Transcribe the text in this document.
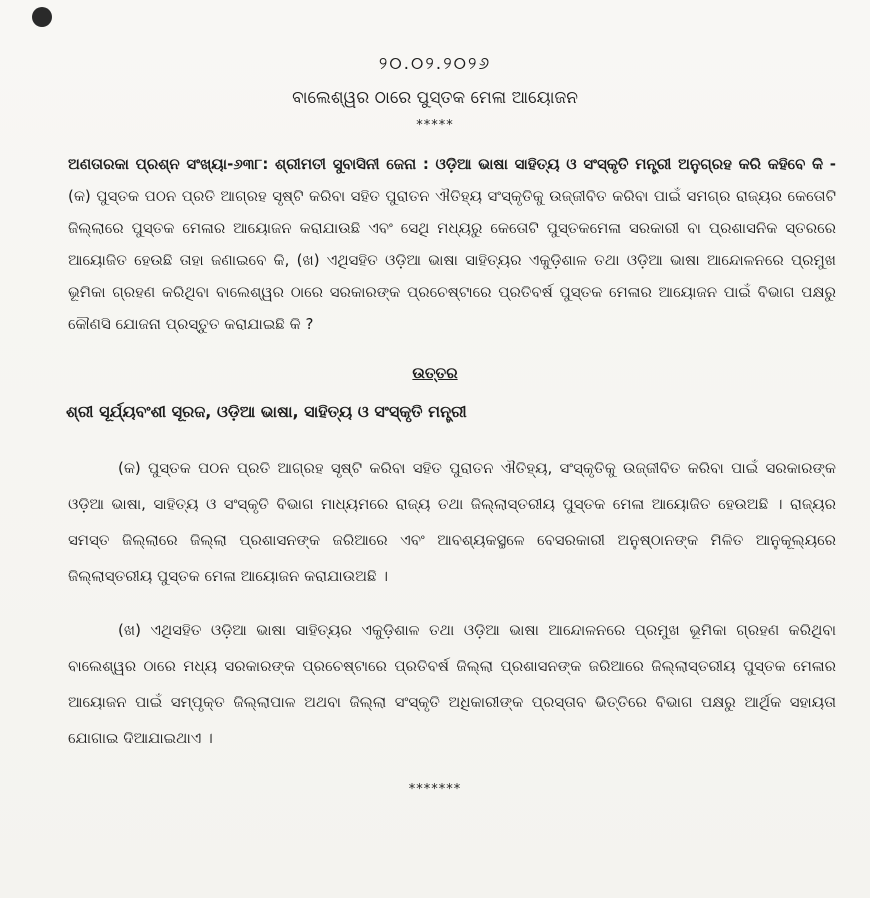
୨୦.୦୨.୨୦୨୬
ବାଲେଶ୍ୱର ଠାରେ ପୁସ୍ତକ ମେଳା ଆୟୋଜନ
*****
ଅଣତାରକା ପ୍ରଶ୍ନ ସଂଖ୍ୟା-୬୩୮: ଶ୍ରୀମତୀ ସୁବାସିନୀ ଜେନା : ଓଡ଼ିଆ ଭାଷା ସାହିତ୍ୟ ଓ ସଂସ୍କୃତି ମନ୍ତ୍ରୀ ଅନୁଗ୍ରହ କରି କହିବେ କି - (କ) ପୁସ୍ତକ ପଠନ ପ୍ରତି ଆଗ୍ରହ ସୃଷ୍ଟି କରିବା ସହିତ ପୁରାତନ ଐତିହ୍ୟ ସଂସ୍କୃତିକୁ ଉଜ୍ଜୀବିତ କରିବା ପାଇଁ ସମଗ୍ର ରାଜ୍ୟର କେତୋଟି ଜିଲ୍ଲାରେ ପୁସ୍ତକ ମେଳାର ଆୟୋଜନ କରାଯାଉଛି ଏବଂ ସେଥି ମଧ୍ୟରୁ କେତୋଟି ପୁସ୍ତକମେଳା ସରକାରୀ ବା ପ୍ରଶାସନିକ ସ୍ତରରେ ଆୟୋଜିତ ହେଉଛି ତାହା ଜଣାଇବେ କି, (ଖ) ଏଥିସହିତ ଓଡ଼ିଆ ଭାଷା ସାହିତ୍ୟର ଏକୁଡ଼ିଶାଳ ତଥା ଓଡ଼ିଆ ଭାଷା ଆନ୍ଦୋଳନରେ ପ୍ରମୁଖ ଭୂମିକା ଗ୍ରହଣ କରିଥିବା ବାଲେଶ୍ୱର ଠାରେ ସରକାରଙ୍କ ପ୍ରଚେଷ୍ଟାରେ ପ୍ରତିବର୍ଷ ପୁସ୍ତକ ମେଳାର ଆୟୋଜନ ପାଇଁ ବିଭାଗ ପକ୍ଷରୁ କୌଣସି ଯୋଜନା ପ୍ରସ୍ତୁତ କରାଯାଇଛି କି ?
ଉତ୍ତର
ଶ୍ରୀ ସୂର୍ଯ୍ୟବଂଶୀ ସୂରଜ, ଓଡ଼ିଆ ଭାଷା, ସାହିତ୍ୟ ଓ ସଂସ୍କୃତି ମନ୍ତ୍ରୀ
(କ) ପୁସ୍ତକ ପଠନ ପ୍ରତି ଆଗ୍ରହ ସୃଷ୍ଟି କରିବା ସହିତ ପୁରାତନ ଐତିହ୍ୟ, ସଂସ୍କୃତିକୁ ଉଜ୍ଜୀବିତ କରିବା ପାଇଁ ସରକାରଙ୍କ ଓଡ଼ିଆ ଭାଷା, ସାହିତ୍ୟ ଓ ସଂସ୍କୃତି ବିଭାଗ ମାଧ୍ୟମରେ ରାଜ୍ୟ ତଥା ଜିଲ୍ଲାସ୍ତରୀୟ ପୁସ୍ତକ ମେଳା ଆୟୋଜିତ ହେଉଅଛି । ରାଜ୍ୟର ସମସ୍ତ ଜିଲ୍ଲାରେ ଜିଲ୍ଲା ପ୍ରଶାସନଙ୍କ ଜରିଆରେ ଏବଂ ଆବଶ୍ୟକସ୍ଥଳେ ବେସରକାରୀ ଅନୁଷ୍ଠାନଙ୍କ ମିଳିତ ଆନୁକୂଲ୍ୟରେ ଜିଲ୍ଲାସ୍ତରୀୟ ପୁସ୍ତକ ମେଳା ଆୟୋଜନ କରାଯାଉଅଛି ।
(ଖ) ଏଥିସହିତ ଓଡ଼ିଆ ଭାଷା ସାହିତ୍ୟର ଏକୁଡ଼ିଶାଳ ତଥା ଓଡ଼ିଆ ଭାଷା ଆନ୍ଦୋଳନରେ ପ୍ରମୁଖ ଭୂମିକା ଗ୍ରହଣ କରିଥିବା ବାଲେଶ୍ୱର ଠାରେ ମଧ୍ୟ ସରକାରଙ୍କ ପ୍ରଚେଷ୍ଟାରେ ପ୍ରତିବର୍ଷ ଜିଲ୍ଲା ପ୍ରଶାସନଙ୍କ ଜରିଆରେ ଜିଲ୍ଲାସ୍ତରୀୟ ପୁସ୍ତକ ମେଳାର ଆୟୋଜନ ପାଇଁ ସମ୍ପୃକ୍ତ ଜିଲ୍ଲାପାଳ ଅଥବା ଜିଲ୍ଲା ସଂସ୍କୃତି ଅଧିକାରୀଙ୍କ ପ୍ରସ୍ତାବ ଭିତ୍ତିରେ ବିଭାଗ ପକ୍ଷରୁ ଆର୍ଥିକ ସହାୟତା ଯୋଗାଇ ଦିଆଯାଇଥାଏ ।
*******
